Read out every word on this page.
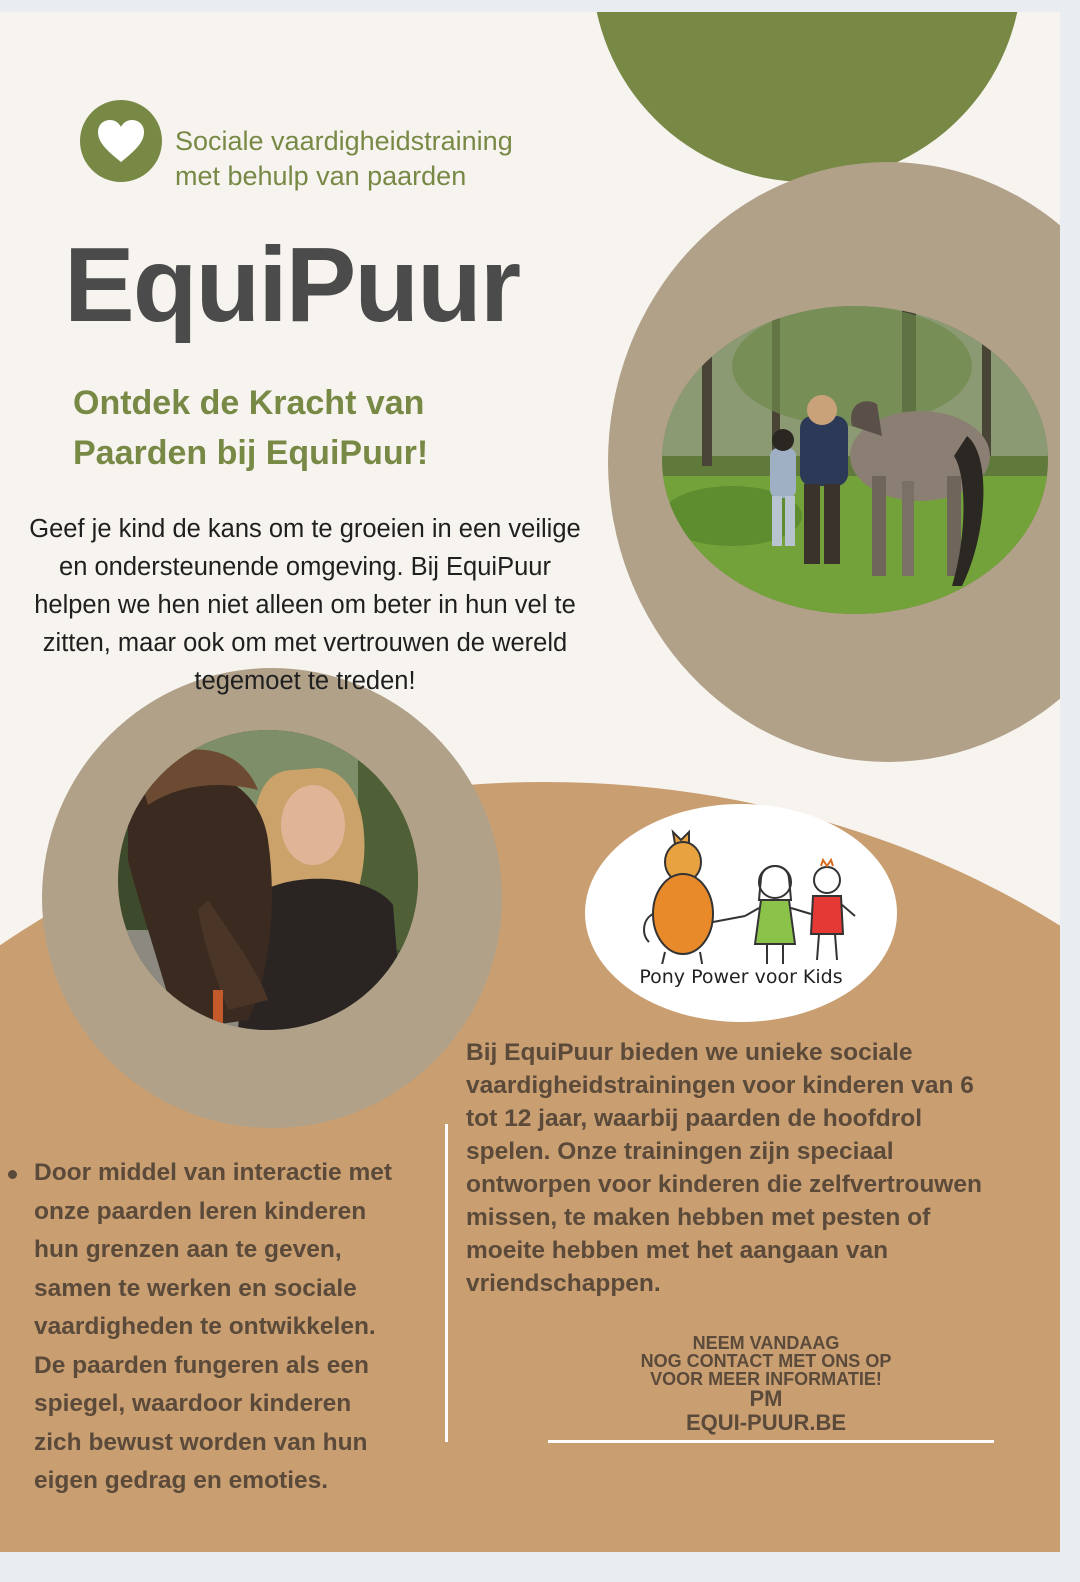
Sociale vaardigheidstraining
met behulp van paarden
EquiPuur
Ontdek de Kracht van
Paarden bij EquiPuur!
Geef je kind de kans om te groeien in een veilige
en ondersteunende omgeving. Bij EquiPuur
helpen we hen niet alleen om beter in hun vel te
zitten, maar ook om met vertrouwen de wereld
tegemoet te treden!
Pony Power voor Kids
Bij EquiPuur bieden we unieke sociale
vaardigheidstrainingen voor kinderen van 6
tot 12 jaar, waarbij paarden de hoofdrol
spelen. Onze trainingen zijn speciaal
ontworpen voor kinderen die zelfvertrouwen
missen, te maken hebben met pesten of
moeite hebben met het aangaan van
vriendschappen.
Door middel van interactie met
onze paarden leren kinderen
hun grenzen aan te geven,
samen te werken en sociale
vaardigheden te ontwikkelen.
De paarden fungeren als een
spiegel, waardoor kinderen
zich bewust worden van hun
eigen gedrag en emoties.
NEEM VANDAAG
NOG CONTACT MET ONS OP
VOOR MEER INFORMATIE!
PM
EQUI-PUUR.BE
